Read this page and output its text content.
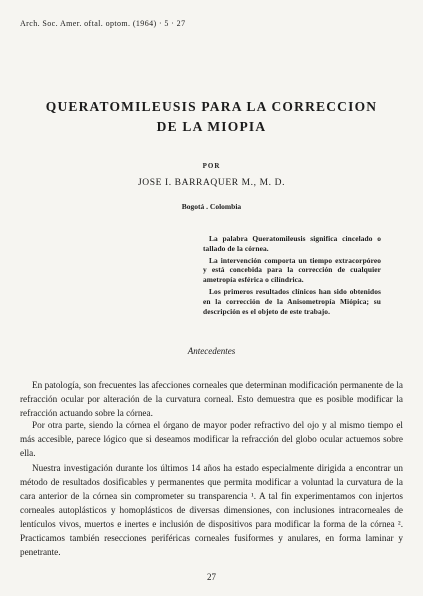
Arch. Soc. Amer. oftal. optom. (1964) · 5 · 27
QUERATOMILEUSIS PARA LA CORRECCION
DE LA MIOPIA
POR
JOSE I. BARRAQUER M., M. D.
Bogotá . Colombia

La palabra Queratomileusis significa cincelado o tallado de la córnea.

La intervención comporta un tiempo extracorpóreo y está concebida para la corrección de cualquier ametropía esférica o cilíndrica.

Los primeros resultados clínicos han sido obtenidos en la corrección de la Anisometropía Miópica; su descripción es el objeto de este trabajo.

Antecedentes

En patología, son frecuentes las afecciones corneales que determinan modificación permanente de la refracción ocular por alteración de la curvatura corneal. Esto demuestra que es posible modificar la refracción actuando sobre la córnea.

Por otra parte, siendo la córnea el órgano de mayor poder refractivo del ojo y al mismo tiempo el más accesible, parece lógico que si deseamos modificar la refracción del globo ocular actuemos sobre ella.

Nuestra investigación durante los últimos 14 años ha estado especialmente dirigida a encontrar un método de resultados dosificables y permanentes que permita modificar a voluntad la curvatura de la cara anterior de la córnea sin comprometer su transparencia ¹. A tal fin experimentamos con injertos corneales autoplásticos y homoplásticos de diversas dimensiones, con inclusiones intracorneales de lentículos vivos, muertos e inertes e inclusión de dispositivos para modificar la forma de la córnea ². Practicamos también resecciones periféricas corneales fusiformes y anulares, en forma laminar y penetrante.

27
